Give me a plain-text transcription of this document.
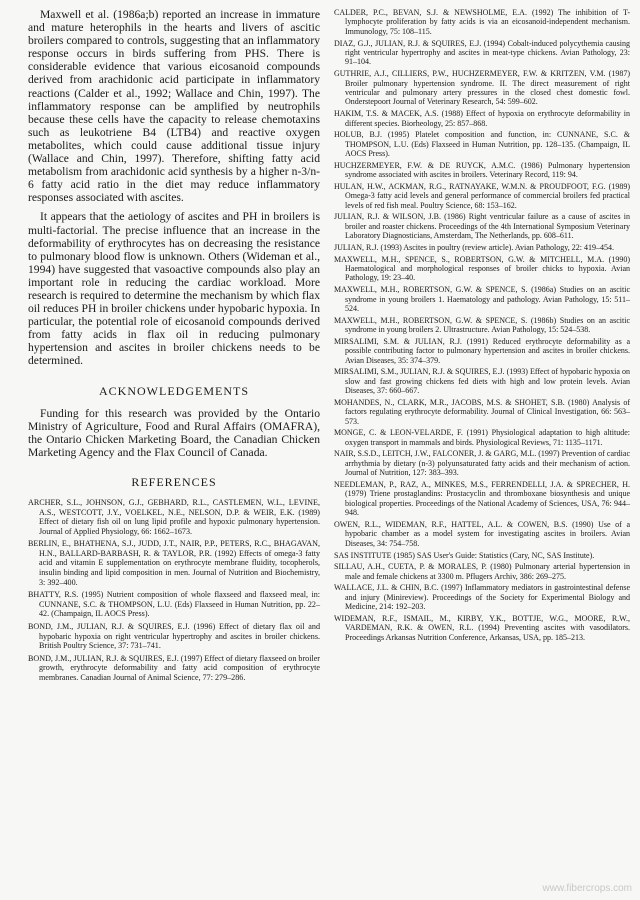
Maxwell et al. (1986a;b) reported an increase in immature and mature heterophils in the hearts and livers of ascitic broilers compared to controls, suggesting that an inflammatory response occurs in birds suffering from PHS. There is considerable evidence that various eicosanoid compounds derived from arachidonic acid participate in inflammatory reactions (Calder et al., 1992; Wallace and Chin, 1997). The inflammatory response can be amplified by neutrophils because these cells have the capacity to release chemotaxins such as leukotriene B4 (LTB4) and reactive oxygen metabolites, which could cause additional tissue injury (Wallace and Chin, 1997). Therefore, shifting fatty acid metabolism from arachidonic acid synthesis by a higher n-3/n-6 fatty acid ratio in the diet may reduce inflammatory responses associated with ascites.

It appears that the aetiology of ascites and PH in broilers is multi-factorial. The precise influence that an increase in the deformability of erythrocytes has on decreasing the resistance to pulmonary blood flow is unknown. Others (Wideman et al., 1994) have suggested that vasoactive compounds also play an important role in reducing the cardiac workload. More research is required to determine the mechanism by which flax oil reduces PH in broiler chickens under hypobaric hypoxia. In particular, the potential role of eicosanoid compounds derived from fatty acids in flax oil in reducing pulmonary hypertension and ascites in broiler chickens needs to be determined.

ACKNOWLEDGEMENTS

Funding for this research was provided by the Ontario Ministry of Agriculture, Food and Rural Affairs (OMAFRA), the Ontario Chicken Marketing Board, the Canadian Chicken Marketing Agency and the Flax Council of Canada.

REFERENCES
ARCHER, S.L., JOHNSON, G.J., GEBHARD, R.L., CASTLEMEN, W.L., LEVINE, A.S., WESTCOTT, J.Y., VOELKEL, N.E., NELSON, D.P. & WEIR, E.K. (1989) Effect of dietary fish oil on lung lipid profile and hypoxic pulmonary hypertension. Journal of Applied Physiology, 66: 1662–1673.
BERLIN, E., BHATHENA, S.J., JUDD, J.T., NAIR, P.P., PETERS, R.C., BHAGAVAN, H.N., BALLARD-BARBASH, R. & TAYLOR, P.R. (1992) Effects of omega-3 fatty acid and vitamin E supplementation on erythrocyte membrane fluidity, tocopherols, insulin binding and lipid composition in men. Journal of Nutrition and Biochemistry, 3: 392–400.
BHATTY, R.S. (1995) Nutrient composition of whole flaxseed and flaxseed meal, in: CUNNANE, S.C. & THOMPSON, L.U. (Eds) Flaxseed in Human Nutrition, pp. 22–42. (Champaign, IL AOCS Press).
BOND, J.M., JULIAN, R.J. & SQUIRES, E.J. (1996) Effect of dietary flax oil and hypobaric hypoxia on right ventricular hypertrophy and ascites in broiler chickens. British Poultry Science, 37: 731–741.
BOND, J.M., JULIAN, R.J. & SQUIRES, E.J. (1997) Effect of dietary flaxseed on broiler growth, erythrocyte deformability and fatty acid composition of erythrocyte membranes. Canadian Journal of Animal Science, 77: 279–286.
CALDER, P.C., BEVAN, S.J. & NEWSHOLME, E.A. (1992) The inhibition of T-lymphocyte proliferation by fatty acids is via an eicosanoid-independent mechanism. Immunology, 75: 108–115.
DIAZ, G.J., JULIAN, R.J. & SQUIRES, E.J. (1994) Cobalt-induced polycythemia causing right ventricular hypertrophy and ascites in meat-type chickens. Avian Pathology, 23: 91–104.
GUTHRIE, A.J., CILLIERS, P.W., HUCHZERMEYER, F.W. & KRITZEN, V.M. (1987) Broiler pulmonary hypertension syndrome. II. The direct measurement of right ventricular and pulmonary artery pressures in the closed chest domestic fowl. Onderstepoort Journal of Veterinary Research, 54: 599–602.
HAKIM, T.S. & MACEK, A.S. (1988) Effect of hypoxia on erythrocyte deformability in different species. Biorheology, 25: 857–868.
HOLUB, B.J. (1995) Platelet composition and function, in: CUNNANE, S.C. & THOMPSON, L.U. (Eds) Flaxseed in Human Nutrition, pp. 128–135. (Champaign, IL AOCS Press).
HUCHZERMEYER, F.W. & DE RUYCK, A.M.C. (1986) Pulmonary hypertension syndrome associated with ascites in broilers. Veterinary Record, 119: 94.
HULAN, H.W., ACKMAN, R.G., RATNAYAKE, W.M.N. & PROUDFOOT, F.G. (1989) Omega-3 fatty acid levels and general performance of commercial broilers fed practical levels of red fish meal. Poultry Science, 68: 153–162.
JULIAN, R.J. & WILSON, J.B. (1986) Right ventricular failure as a cause of ascites in broiler and roaster chickens. Proceedings of the 4th International Symposium Veterinary Laboratory Diagnosticians, Amsterdam, The Netherlands, pp. 608–611.
JULIAN, R.J. (1993) Ascites in poultry (review article). Avian Pathology, 22: 419–454.
MAXWELL, M.H., SPENCE, S., ROBERTSON, G.W. & MITCHELL, M.A. (1990) Haematological and morphological responses of broiler chicks to hypoxia. Avian Pathology, 19: 23–40.
MAXWELL, M.H., ROBERTSON, G.W. & SPENCE, S. (1986a) Studies on an ascitic syndrome in young broilers 1. Haematology and pathology. Avian Pathology, 15: 511–524.
MAXWELL, M.H., ROBERTSON, G.W. & SPENCE, S. (1986b) Studies on an ascitic syndrome in young broilers 2. Ultrastructure. Avian Pathology, 15: 524–538.
MIRSALIMI, S.M. & JULIAN, R.J. (1991) Reduced erythrocyte deformability as a possible contributing factor to pulmonary hypertension and ascites in broiler chickens. Avian Diseases, 35: 374–379.
MIRSALIMI, S.M., JULIAN, R.J. & SQUIRES, E.J. (1993) Effect of hypobaric hypoxia on slow and fast growing chickens fed diets with high and low protein levels. Avian Diseases, 37: 660–667.
MOHANDES, N., CLARK, M.R., JACOBS, M.S. & SHOHET, S.B. (1980) Analysis of factors regulating erythrocyte deformability. Journal of Clinical Investigation, 66: 563–573.
MONGE, C. & LEON-VELARDE, F. (1991) Physiological adaptation to high altitude: oxygen transport in mammals and birds. Physiological Reviews, 71: 1135–1171.
NAIR, S.S.D., LEITCH, J.W., FALCONER, J. & GARG, M.L. (1997) Prevention of cardiac arrhythmia by dietary (n-3) polyunsaturated fatty acids and their mechanism of action. Journal of Nutrition, 127: 383–393.
NEEDLEMAN, P., RAZ, A., MINKES, M.S., FERRENDELLI, J.A. & SPRECHER, H. (1979) Triene prostaglandins: Prostacyclin and thromboxane biosynthesis and unique biological properties. Proceedings of the National Academy of Sciences, USA, 76: 944–948.
OWEN, R.L., WIDEMAN, R.F., HATTEL, A.L. & COWEN, B.S. (1990) Use of a hypobaric chamber as a model system for investigating ascites in broilers. Avian Diseases, 34: 754–758.
SAS INSTITUTE (1985) SAS User's Guide: Statistics (Cary, NC, SAS Institute).
SILLAU, A.H., CUETA, P. & MORALES, P. (1980) Pulmonary arterial hypertension in male and female chickens at 3300 m. Pflugers Archiv, 386: 269–275.
WALLACE, J.L. & CHIN, B.C. (1997) Inflammatory mediators in gastrointestinal defense and injury (Minireview). Proceedings of the Society for Experimental Biology and Medicine, 214: 192–203.
WIDEMAN, R.F., ISMAIL, M., KIRBY, Y.K., BOTTJE, W.G., MOORE, R.W., VARDEMAN, R.K. & OWEN, R.L. (1994) Preventing ascites with vasodilators. Proceedings Arkansas Nutrition Conference, Arkansas, USA, pp. 185–213.
www.fibercrops.com
